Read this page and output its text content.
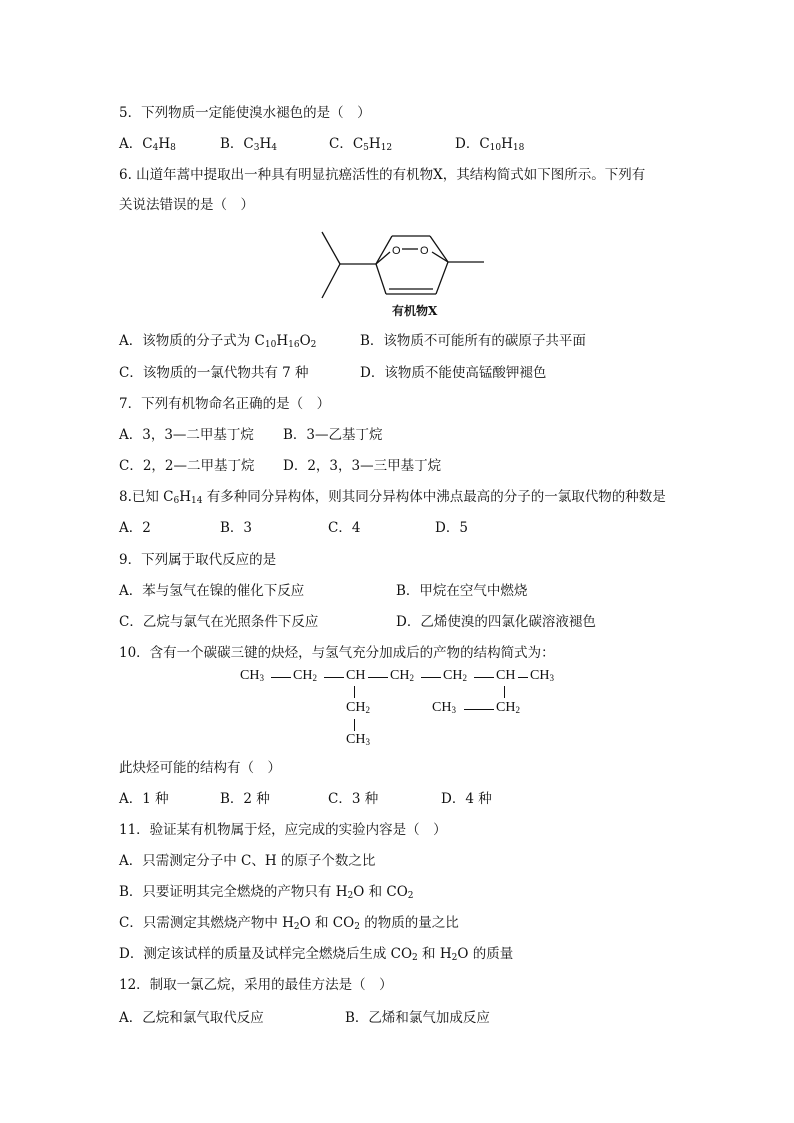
5．下列物质一定能使溴水褪色的是（　）
A．$C_4H_8$	B．$C_3H_4$	C．$C_5H_{12}$	D．$C_{10}H_{18}$
6. 山道年蒿中提取出一种具有明显抗癌活性的有机物X，其结构简式如下图所示。下列有
关说法错误的是（　）
O O
有机物X
A．该物质的分子式为 $C_{10}H_{16}O_2$	B．该物质不可能所有的碳原子共平面
C．该物质的一氯代物共有 7 种	D．该物质不能使高锰酸钾褪色
7．下列有机物命名正确的是（　）
A．3，3—二甲基丁烷 B．3—乙基丁烷
C．2，2—二甲基丁烷 D．2，3，3—三甲基丁烷
8.已知 $C_6H_{14}$ 有多种同分异构体，则其同分异构体中沸点最高的分子的一氯取代物的种数是
A．2	B．3	C．4	D．5
9．下列属于取代反应的是
A．苯与氢气在镍的催化下反应	B．甲烷在空气中燃烧
C．乙烷与氯气在光照条件下反应	D．乙烯使溴的四氯化碳溶液褪色
10．含有一个碳碳三键的炔烃，与氢气充分加成后的产物的结构简式为：
$CH_3$ $CH_2$ CH $CH_2$ $CH_2$ CH $CH_3$
$CH_2$
$CH_3$
$CH_3$	$CH_2$
此炔烃可能的结构有（　）
A．1 种	B．2 种	C．3 种	D．4 种
11．验证某有机物属于烃，应完成的实验内容是（　）
A．只需测定分子中 C、H 的原子个数之比
B．只要证明其完全燃烧的产物只有 $H_2O$ 和 $CO_2$
C．只需测定其燃烧产物中 $H_2O$ 和 $CO_2$ 的物质的量之比
D．测定该试样的质量及试样完全燃烧后生成 $CO_2$ 和 $H_2O$ 的质量
12．制取一氯乙烷，采用的最佳方法是（　）
A．乙烷和氯气取代反应	B．乙烯和氯气加成反应
